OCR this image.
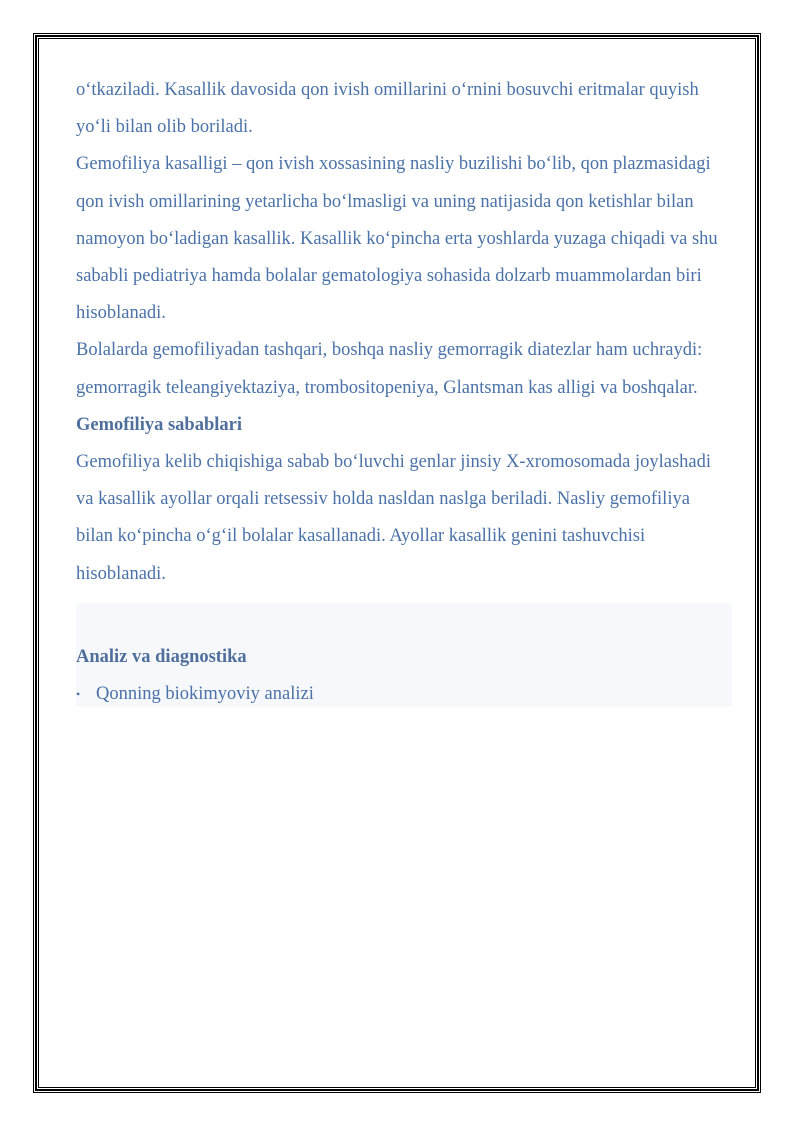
oʻtkaziladi. Kasallik davosida qon ivish omillarini oʻrnini bosuvchi eritmalar quyish yoʻli bilan olib boriladi.

Gemofiliya kasalligi – qon ivish xossasining nasliy buzilishi boʻlib, qon plazmasidagi qon ivish omillarining yetarlicha boʻlmasligi va uning natijasida qon ketishlar bilan namoyon boʻladigan kasallik. Kasallik koʻpincha erta yoshlarda yuzaga chiqadi va shu sababli pediatriya hamda bolalar gematologiya sohasida dolzarb muammolardan biri hisoblanadi.

Bolalarda gemofiliyadan tashqari, boshqa nasliy gemorragik diatezlar ham uchraydi: gemorragik teleangiyektaziya, trombositopeniya, Glantsman kas alligi va boshqalar.

Gemofiliya sabablari

Gemofiliya kelib chiqishiga sabab boʻluvchi genlar jinsiy X-xromosomada joylashadi va kasallik ayollar orqali retsessiv holda nasldan naslga beriladi. Nasliy gemofiliya bilan koʻpincha oʻgʻil bolalar kasallanadi. Ayollar kasallik genini tashuvchisi hisoblanadi.

Analiz va diagnostika

• Qonning biokimyoviy analizi
